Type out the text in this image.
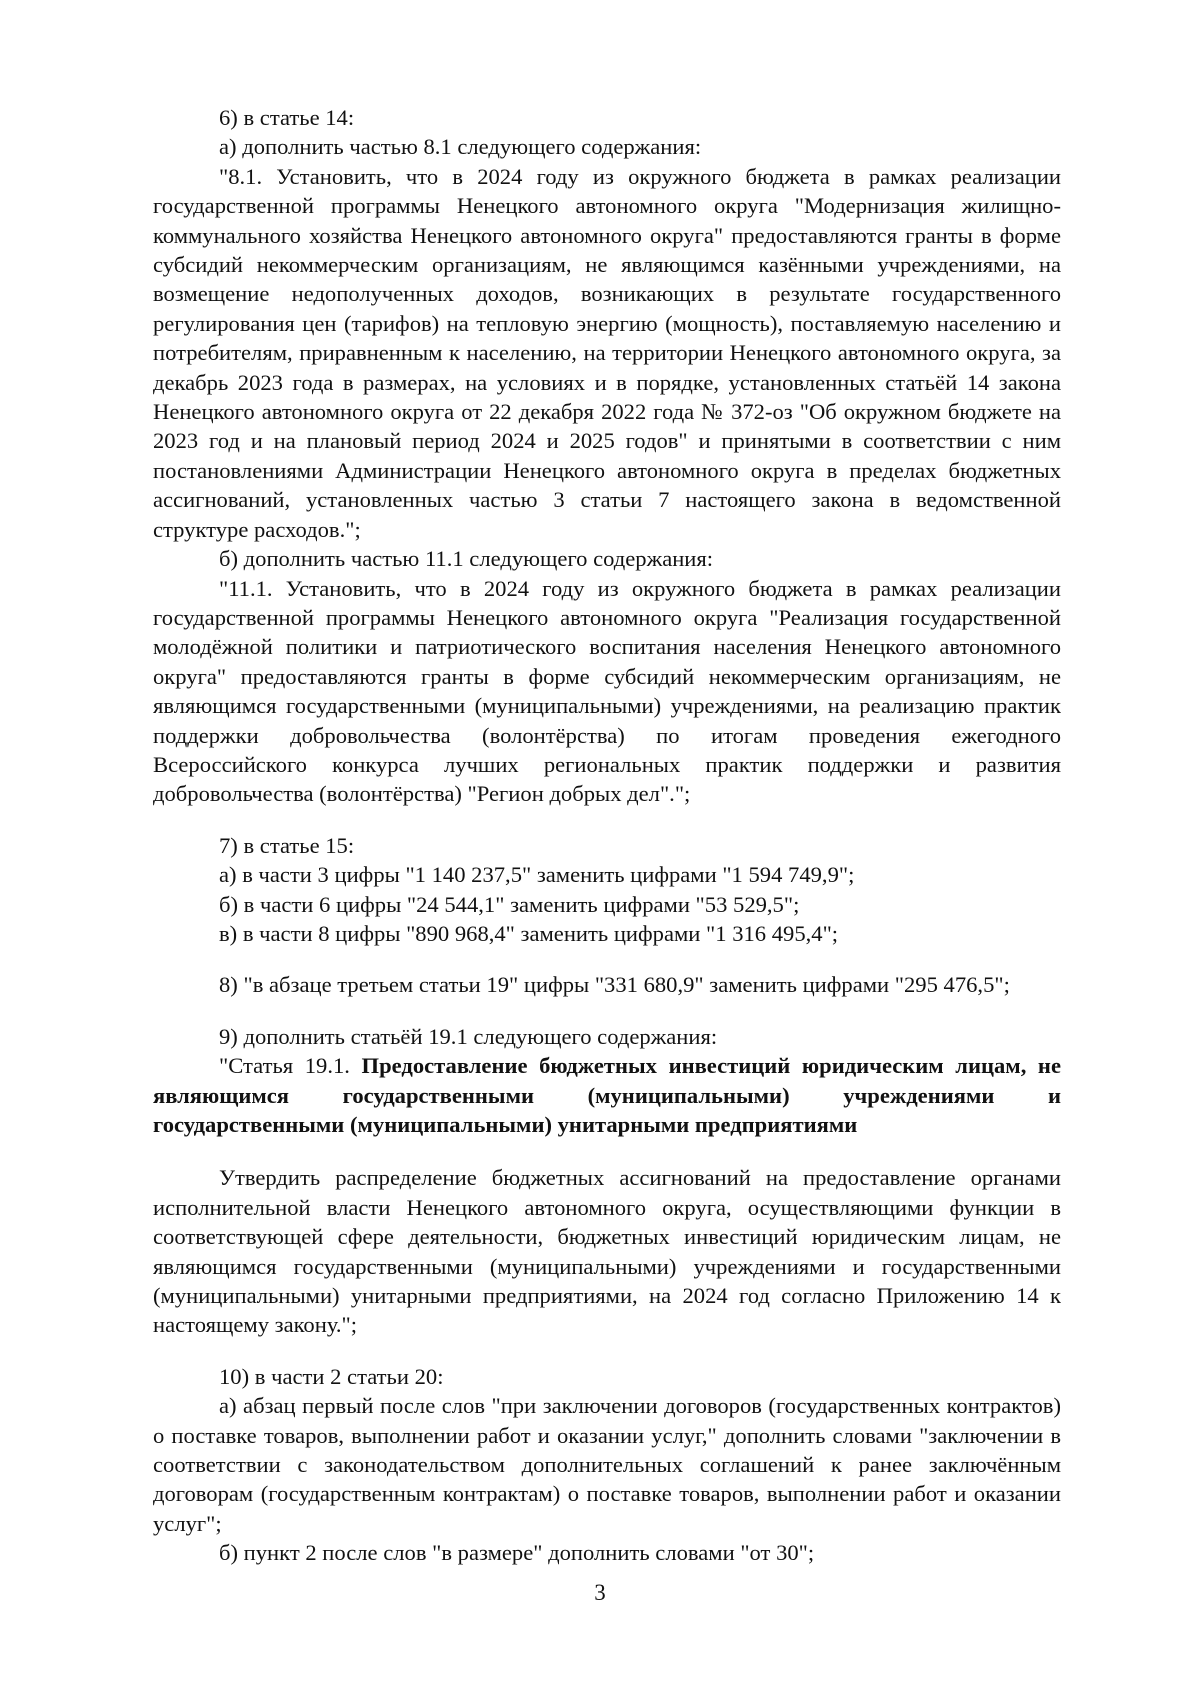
6) в статье 14:

а) дополнить частью 8.1 следующего содержания:

"8.1. Установить, что в 2024 году из окружного бюджета в рамках реализации государственной программы Ненецкого автономного округа "Модернизация жилищно-коммунального хозяйства Ненецкого автономного округа" предоставляются гранты в форме субсидий некоммерческим организациям, не являющимся казёнными учреждениями, на возмещение недополученных доходов, возникающих в результате государственного регулирования цен (тарифов) на тепловую энергию (мощность), поставляемую населению и потребителям, приравненным к населению, на территории Ненецкого автономного округа, за декабрь 2023 года в размерах, на условиях и в порядке, установленных статьёй 14 закона Ненецкого автономного округа от 22 декабря 2022 года № 372-оз "Об окружном бюджете на 2023 год и на плановый период 2024 и 2025 годов" и принятыми в соответствии с ним постановлениями Администрации Ненецкого автономного округа в пределах бюджетных ассигнований, установленных частью 3 статьи 7 настоящего закона в ведомственной структуре расходов.";

б) дополнить частью 11.1 следующего содержания:

"11.1. Установить, что в 2024 году из окружного бюджета в рамках реализации государственной программы Ненецкого автономного округа "Реализация государственной молодёжной политики и патриотического воспитания населения Ненецкого автономного округа" предоставляются гранты в форме субсидий некоммерческим организациям, не являющимся государственными (муниципальными) учреждениями, на реализацию практик поддержки добровольчества (волонтёрства) по итогам проведения ежегодного Всероссийского конкурса лучших региональных практик поддержки и развития добровольчества (волонтёрства) "Регион добрых дел".";

7) в статье 15:

а) в части 3 цифры "1 140 237,5" заменить цифрами "1 594 749,9";

б) в части 6 цифры "24 544,1" заменить цифрами "53 529,5";

в) в части 8 цифры "890 968,4" заменить цифрами "1 316 495,4";

8) "в абзаце третьем статьи 19" цифры "331 680,9" заменить цифрами "295 476,5";

9) дополнить статьёй 19.1 следующего содержания:

"Статья 19.1. Предоставление бюджетных инвестиций юридическим лицам, не являющимся государственными (муниципальными) учреждениями и государственными (муниципальными) унитарными предприятиями

Утвердить распределение бюджетных ассигнований на предоставление органами исполнительной власти Ненецкого автономного округа, осуществляющими функции в соответствующей сфере деятельности, бюджетных инвестиций юридическим лицам, не являющимся государственными (муниципальными) учреждениями и государственными (муниципальными) унитарными предприятиями, на 2024 год согласно Приложению 14 к настоящему закону.";

10) в части 2 статьи 20:

а) абзац первый после слов "при заключении договоров (государственных контрактов) о поставке товаров, выполнении работ и оказании услуг," дополнить словами "заключении в соответствии с законодательством дополнительных соглашений к ранее заключённым договорам (государственным контрактам) о поставке товаров, выполнении работ и оказании услуг";

б) пункт 2 после слов "в размере" дополнить словами "от 30";

3
